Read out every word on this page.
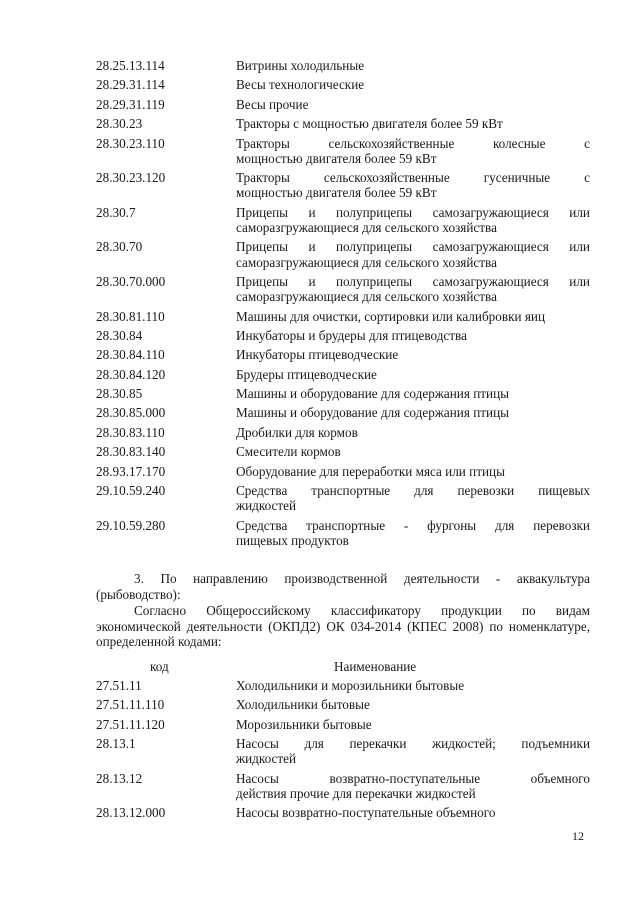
28.25.13.114	Витрины холодильные
28.29.31.114	Весы технологические
28.29.31.119	Весы прочие
28.30.23	Тракторы с мощностью двигателя более 59 кВт
28.30.23.110	Тракторы сельскохозяйственные колесные с
мощностью двигателя более 59 кВт
28.30.23.120	Тракторы сельскохозяйственные гусеничные с
мощностью двигателя более 59 кВт
28.30.7	Прицепы и полуприцепы самозагружающиеся или
саморазгружающиеся для сельского хозяйства
28.30.70	Прицепы и полуприцепы самозагружающиеся или
саморазгружающиеся для сельского хозяйства
28.30.70.000	Прицепы и полуприцепы самозагружающиеся или
саморазгружающиеся для сельского хозяйства
28.30.81.110	Машины для очистки, сортировки или калибровки яиц
28.30.84	Инкубаторы и брудеры для птицеводства
28.30.84.110	Инкубаторы птицеводческие
28.30.84.120	Брудеры птицеводческие
28.30.85	Машины и оборудование для содержания птицы
28.30.85.000	Машины и оборудование для содержания птицы
28.30.83.110	Дробилки для кормов
28.30.83.140	Смесители кормов
28.93.17.170	Оборудование для переработки мяса или птицы
29.10.59.240	Средства транспортные для перевозки пищевых
жидкостей
29.10.59.280	Средства транспортные - фургоны для перевозки
пищевых продуктов
3. По направлению производственной деятельности - аквакультура (рыбоводство):
Согласно Общероссийскому классификатору продукции по видам экономической деятельности (ОКПД2) ОК 034-2014 (КПЕС 2008) по номенклатуре, определенной кодами:
код	Наименование
27.51.11	Холодильники и морозильники бытовые
27.51.11.110	Холодильники бытовые
27.51.11.120	Морозильники бытовые
28.13.1	Насосы для перекачки жидкостей; подъемники
жидкостей
28.13.12	Насосы возвратно-поступательные объемного
действия прочие для перекачки жидкостей
28.13.12.000	Насосы возвратно-поступательные объемного
12
